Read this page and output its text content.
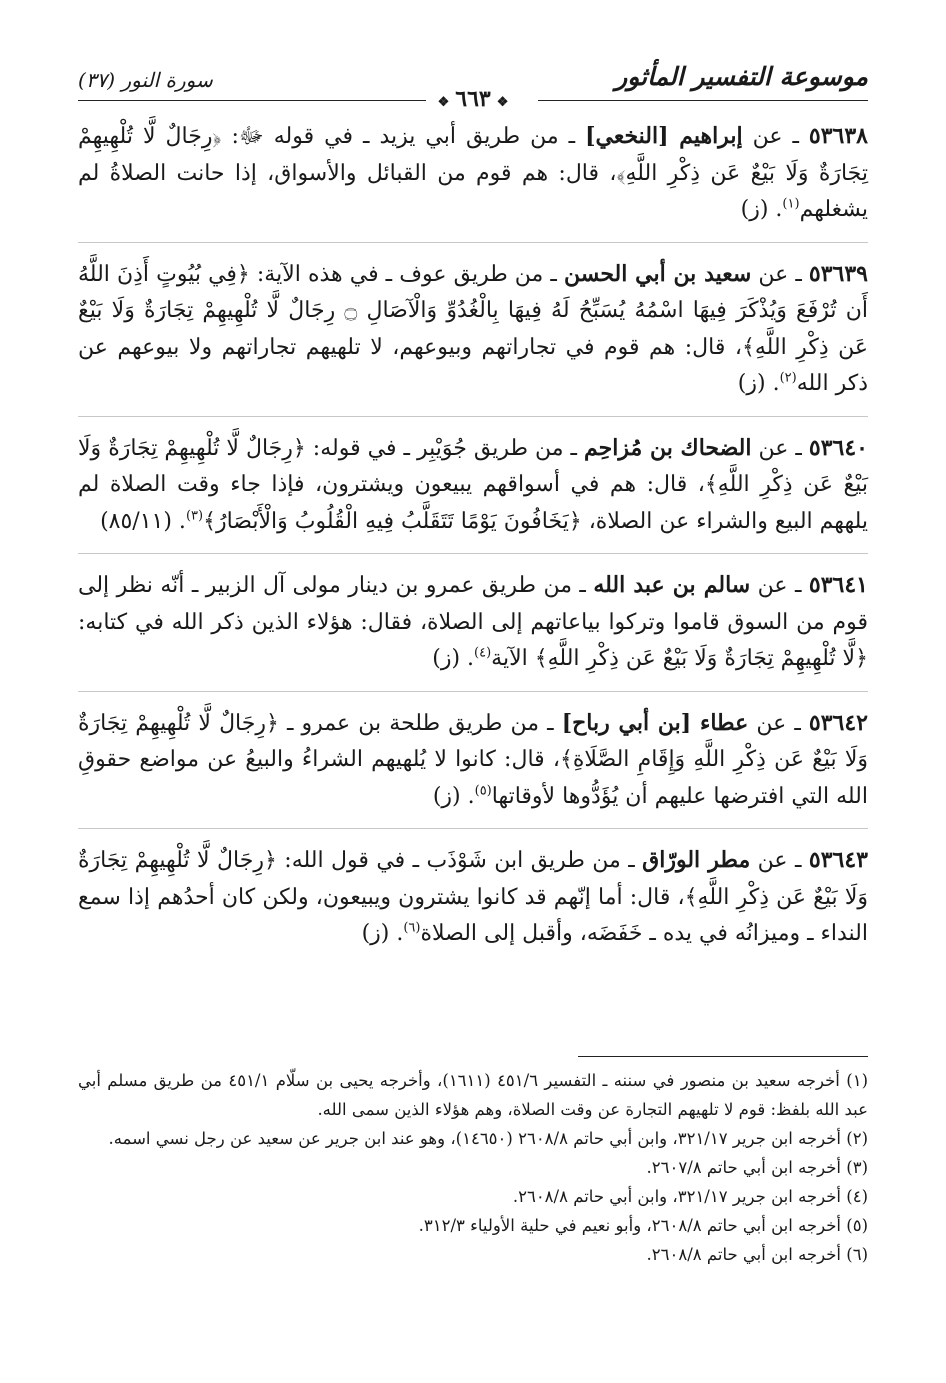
موسوعة التفسير المأثور
سورة النور (٣٧)
❖ ٦٦٣ ❖
٥٣٦٣٨ ـ عن إبراهيم [النخعي] ـ من طريق أبي يزيد ـ في قوله ﷻ: ﴿رِجَالٌ لَّا تُلْهِيهِمْ تِجَارَةٌ وَلَا بَيْعٌ عَن ذِكْرِ اللَّهِ﴾، قال: هم قوم من القبائل والأسواق، إذا حانت الصلاةُ لم يشغلهم$^{(١)}$. (ز)
٥٣٦٣٩ ـ عن سعيد بن أبي الحسن ـ من طريق عوف ـ في هذه الآية: ﴿فِي بُيُوتٍ أَذِنَ اللَّهُ أَن تُرْفَعَ وَيُذْكَرَ فِيهَا اسْمُهُ يُسَبِّحُ لَهُ فِيهَا بِالْغُدُوِّ وَالْآصَالِ ۝ رِجَالٌ لَّا تُلْهِيهِمْ تِجَارَةٌ وَلَا بَيْعٌ عَن ذِكْرِ اللَّهِ﴾، قال: هم قوم في تجاراتهم وبيوعهم، لا تلهيهم تجاراتهم ولا بيوعهم عن ذكر الله$^{(٢)}$. (ز)
٥٣٦٤٠ ـ عن الضحاك بن مُزاحِم ـ من طريق جُوَيْبِر ـ في قوله: ﴿رِجَالٌ لَّا تُلْهِيهِمْ تِجَارَةٌ وَلَا بَيْعٌ عَن ذِكْرِ اللَّهِ﴾، قال: هم في أسواقهم يبيعون ويشترون، فإذا جاء وقت الصلاة لم يلههم البيع والشراء عن الصلاة، ﴿يَخَافُونَ يَوْمًا تَتَقَلَّبُ فِيهِ الْقُلُوبُ وَالْأَبْصَارُ﴾$^{(٣)}$. (٨٥/١١)
٥٣٦٤١ ـ عن سالم بن عبد الله ـ من طريق عمرو بن دينار مولى آل الزبير ـ أنّه نظر إلى قوم من السوق قاموا وتركوا بياعاتهم إلى الصلاة، فقال: هؤلاء الذين ذكر الله في كتابه: ﴿لَّا تُلْهِيهِمْ تِجَارَةٌ وَلَا بَيْعٌ عَن ذِكْرِ اللَّهِ﴾ الآية$^{(٤)}$. (ز)
٥٣٦٤٢ ـ عن عطاء [بن أبي رباح] ـ من طريق طلحة بن عمرو ـ ﴿رِجَالٌ لَّا تُلْهِيهِمْ تِجَارَةٌ وَلَا بَيْعٌ عَن ذِكْرِ اللَّهِ وَإِقَامِ الصَّلَاةِ﴾، قال: كانوا لا يُلهيهم الشراءُ والبيعُ عن مواضع حقوقِ الله التي افترضها عليهم أن يُؤَدُّوها لأوقاتها$^{(٥)}$. (ز)
٥٣٦٤٣ ـ عن مطر الورّاق ـ من طريق ابن شَوْذَب ـ في قول الله: ﴿رِجَالٌ لَّا تُلْهِيهِمْ تِجَارَةٌ وَلَا بَيْعٌ عَن ذِكْرِ اللَّهِ﴾، قال: أما إنّهم قد كانوا يشترون ويبيعون، ولكن كان أحدُهم إذا سمع النداء ـ وميزانُه في يده ـ خَفَضَه، وأقبل إلى الصلاة$^{(٦)}$. (ز)

(١) أخرجه سعيد بن منصور في سننه ـ التفسير ٤٥١/٦ (١٦١١)، وأخرجه يحيى بن سلّام ٤٥١/١ من طريق مسلم أبي عبد الله بلفظ: قوم لا تلهيهم التجارة عن وقت الصلاة، وهم هؤلاء الذين سمى الله.

(٢) أخرجه ابن جرير ٣٢١/١٧، وابن أبي حاتم ٢٦٠٨/٨ (١٤٦٥٠)، وهو عند ابن جرير عن سعيد عن رجل نسي اسمه.

(٣) أخرجه ابن أبي حاتم ٢٦٠٧/٨.

(٤) أخرجه ابن جرير ٣٢١/١٧، وابن أبي حاتم ٢٦٠٨/٨.

(٥) أخرجه ابن أبي حاتم ٢٦٠٨/٨، وأبو نعيم في حلية الأولياء ٣١٢/٣.

(٦) أخرجه ابن أبي حاتم ٢٦٠٨/٨.
